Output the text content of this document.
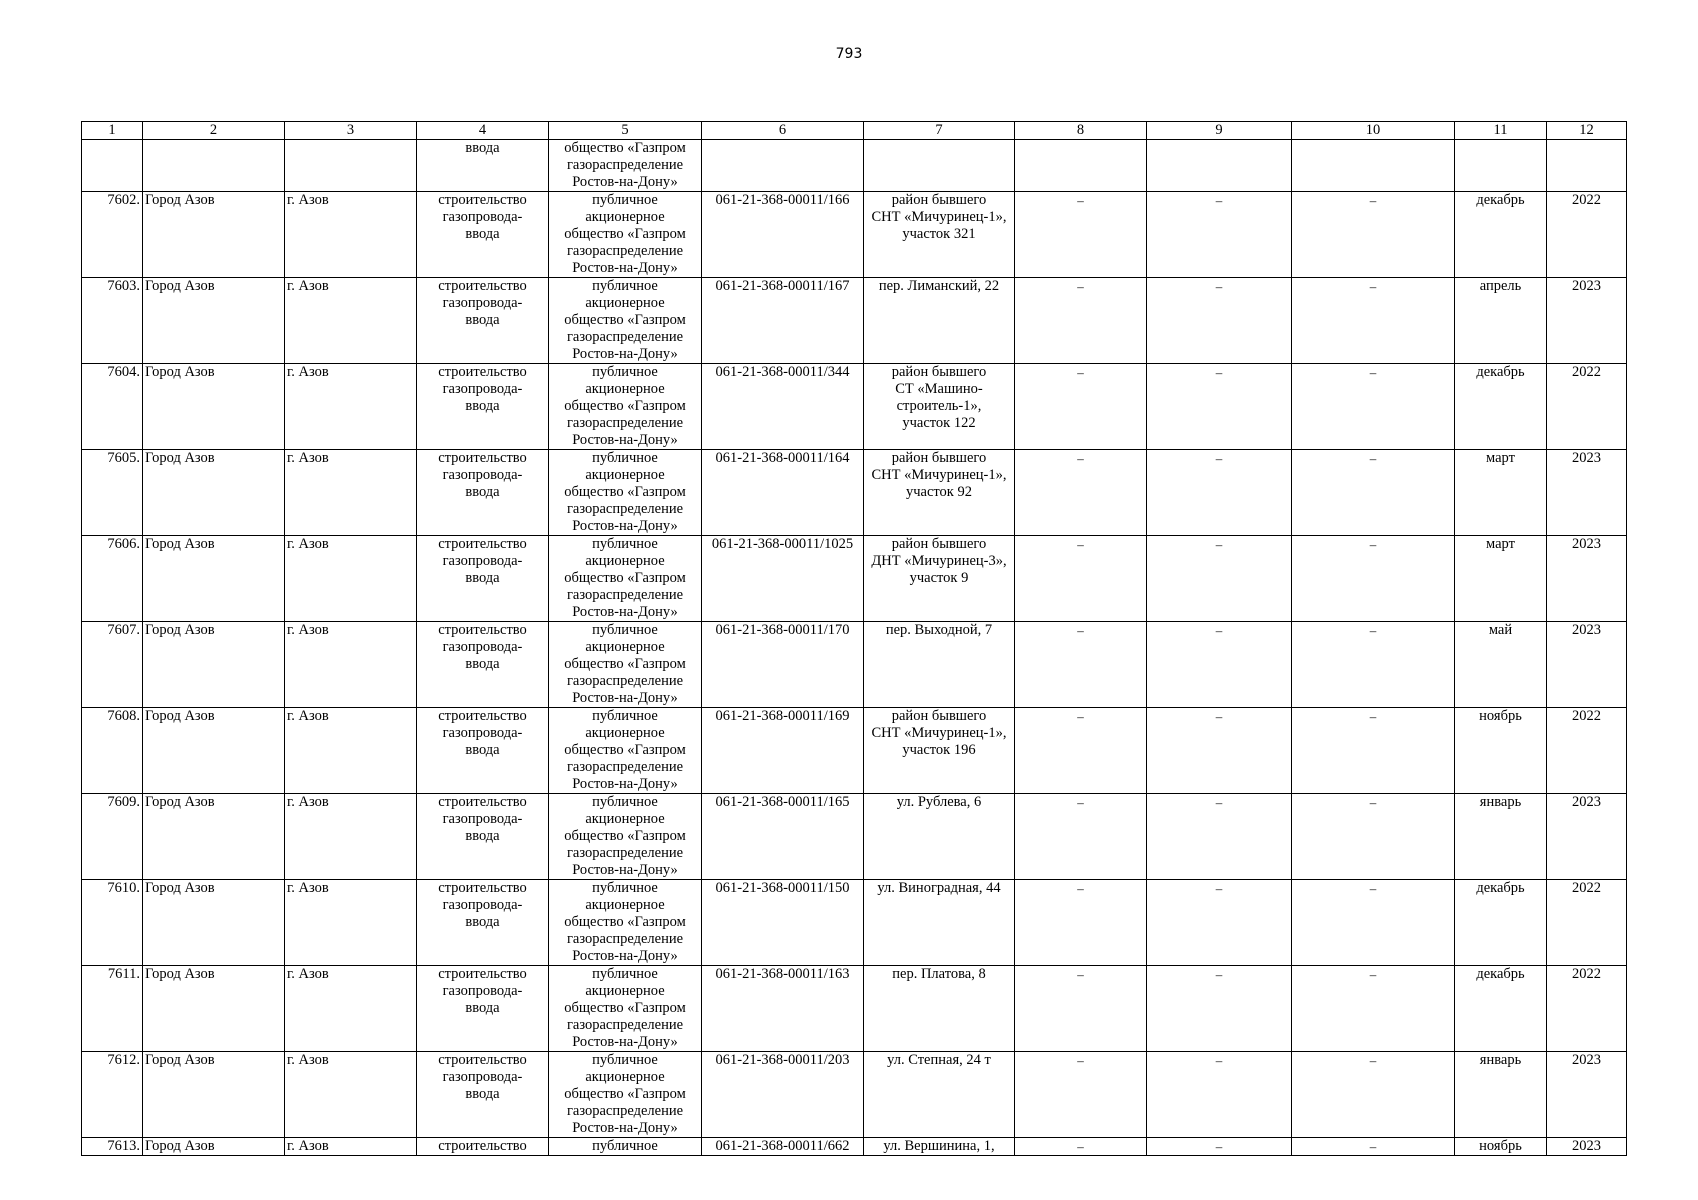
793
1	2	3	4	5	6	7	8	9	10	11	12
			ввода	общество «Газпром
газораспределение
Ростов-на-Дону»							
7602.	Город Азов	г. Азов	строительство
газопровода-
ввода	публичное
акционерное
общество «Газпром
газораспределение
Ростов-на-Дону»	061-21-368-00011/166	район бывшего
СНТ «Мичуринец-1»,
участок 321	–	–	–	декабрь	2022
7603.	Город Азов	г. Азов	строительство
газопровода-
ввода	публичное
акционерное
общество «Газпром
газораспределение
Ростов-на-Дону»	061-21-368-00011/167	пер. Лиманский, 22	–	–	–	апрель	2023
7604.	Город Азов	г. Азов	строительство
газопровода-
ввода	публичное
акционерное
общество «Газпром
газораспределение
Ростов-на-Дону»	061-21-368-00011/344	район бывшего
СТ «Машино-
строитель-1»,
участок 122	–	–	–	декабрь	2022
7605.	Город Азов	г. Азов	строительство
газопровода-
ввода	публичное
акционерное
общество «Газпром
газораспределение
Ростов-на-Дону»	061-21-368-00011/164	район бывшего
СНТ «Мичуринец-1»,
участок 92	–	–	–	март	2023
7606.	Город Азов	г. Азов	строительство
газопровода-
ввода	публичное
акционерное
общество «Газпром
газораспределение
Ростов-на-Дону»	061-21-368-00011/1025	район бывшего
ДНТ «Мичуринец-3»,
участок 9	–	–	–	март	2023
7607.	Город Азов	г. Азов	строительство
газопровода-
ввода	публичное
акционерное
общество «Газпром
газораспределение
Ростов-на-Дону»	061-21-368-00011/170	пер. Выходной, 7	–	–	–	май	2023
7608.	Город Азов	г. Азов	строительство
газопровода-
ввода	публичное
акционерное
общество «Газпром
газораспределение
Ростов-на-Дону»	061-21-368-00011/169	район бывшего
СНТ «Мичуринец-1»,
участок 196	–	–	–	ноябрь	2022
7609.	Город Азов	г. Азов	строительство
газопровода-
ввода	публичное
акционерное
общество «Газпром
газораспределение
Ростов-на-Дону»	061-21-368-00011/165	ул. Рублева, 6	–	–	–	январь	2023
7610.	Город Азов	г. Азов	строительство
газопровода-
ввода	публичное
акционерное
общество «Газпром
газораспределение
Ростов-на-Дону»	061-21-368-00011/150	ул. Виноградная, 44	–	–	–	декабрь	2022
7611.	Город Азов	г. Азов	строительство
газопровода-
ввода	публичное
акционерное
общество «Газпром
газораспределение
Ростов-на-Дону»	061-21-368-00011/163	пер. Платова, 8	–	–	–	декабрь	2022
7612.	Город Азов	г. Азов	строительство
газопровода-
ввода	публичное
акционерное
общество «Газпром
газораспределение
Ростов-на-Дону»	061-21-368-00011/203	ул. Степная, 24 т	–	–	–	январь	2023
7613.	Город Азов	г. Азов	строительство	публичное	061-21-368-00011/662	ул. Вершинина, 1,	–	–	–	ноябрь	2023
